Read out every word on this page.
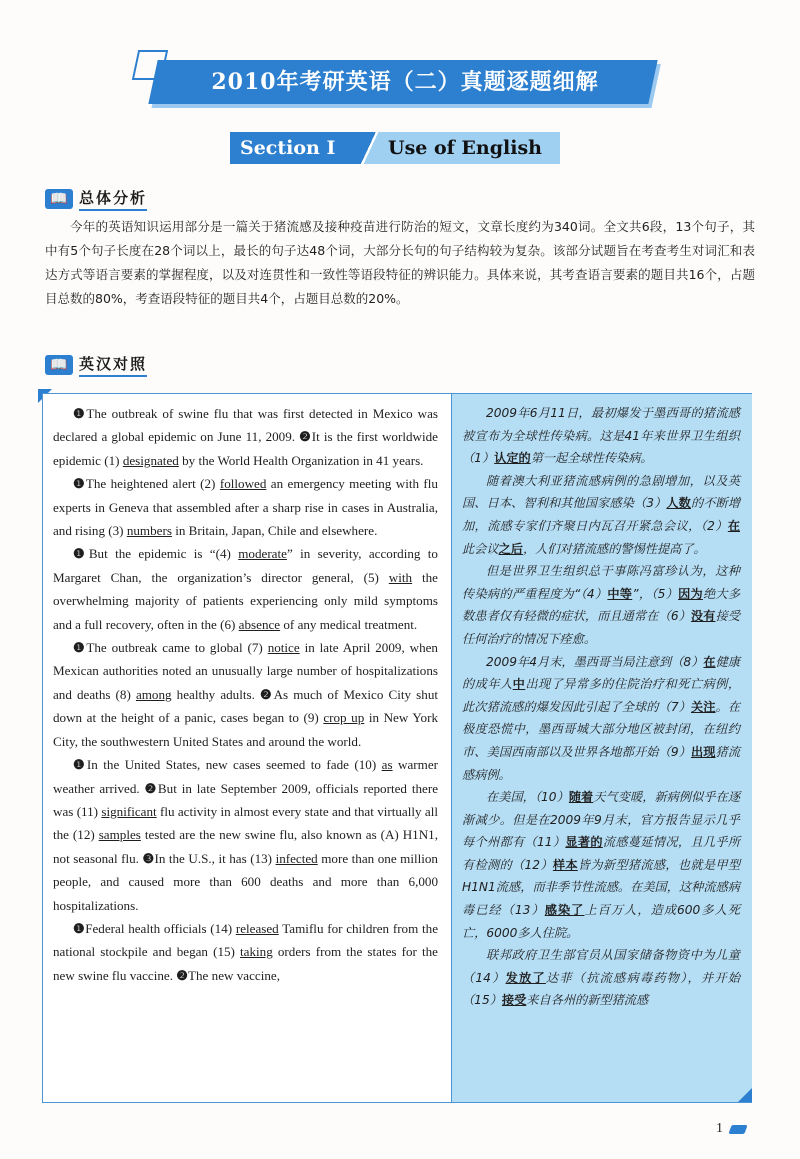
2010年考研英语（二）真题逐题细解
Section Ⅰ	Use of English
📖 总体分析
今年的英语知识运用部分是一篇关于猪流感及接种疫苗进行防治的短文，文章长度约为340词。全文共6段，13个句子，其中有5个句子长度在28个词以上，最长的句子达48个词，大部分长句的句子结构较为复杂。该部分试题旨在考查考生对词汇和表达方式等语言要素的掌握程度，以及对连贯性和一致性等语段特征的辨识能力。具体来说，其考查语言要素的题目共16个，占题目总数的80%，考查语段特征的题目共4个，占题目总数的20%。
📖 英汉对照

❶The outbreak of swine flu that was first detected in Mexico was declared a global epidemic on June 11, 2009. ❷It is the first worldwide epidemic (1) designated by the World Health Organization in 41 years.

❶The heightened alert (2) followed an emergency meeting with flu experts in Geneva that assembled after a sharp rise in cases in Australia, and rising (3) numbers in Britain, Japan, Chile and elsewhere.

❶But the epidemic is “(4) moderate” in severity, according to Margaret Chan, the organization’s director general, (5) with the overwhelming majority of patients experiencing only mild symptoms and a full recovery, often in the (6) absence of any medical treatment.

❶The outbreak came to global (7) notice in late April 2009, when Mexican authorities noted an unusually large number of hospitalizations and deaths (8) among healthy adults. ❷As much of Mexico City shut down at the height of a panic, cases began to (9) crop up in New York City, the southwestern United States and around the world.

❶In the United States, new cases seemed to fade (10) as warmer weather arrived. ❷But in late September 2009, officials reported there was (11) significant flu activity in almost every state and that virtually all the (12) samples tested are the new swine flu, also known as (A) H1N1, not seasonal flu. ❸In the U.S., it has (13) infected more than one million people, and caused more than 600 deaths and more than 6,000 hospitalizations.

❶Federal health officials (14) released Tamiflu for children from the national stockpile and began (15) taking orders from the states for the new swine flu vaccine. ❷The new vaccine,

2009年6月11日，最初爆发于墨西哥的猪流感被宣布为全球性传染病。这是41年来世界卫生组织（1）认定的第一起全球性传染病。

随着澳大利亚猪流感病例的急剧增加，以及英国、日本、智利和其他国家感染（3）人数的不断增加，流感专家们齐聚日内瓦召开紧急会议，（2）在此会议之后，人们对猪流感的警惕性提高了。

但是世界卫生组织总干事陈冯富珍认为，这种传染病的严重程度为“（4）中等”，（5）因为绝大多数患者仅有轻微的症状，而且通常在（6）没有接受任何治疗的情况下痊愈。

2009年4月末，墨西哥当局注意到（8）在健康的成年人中出现了异常多的住院治疗和死亡病例，此次猪流感的爆发因此引起了全球的（7）关注。在极度恐慌中，墨西哥城大部分地区被封闭，在纽约市、美国西南部以及世界各地都开始（9）出现猪流感病例。

在美国，（10）随着天气变暖，新病例似乎在逐渐减少。但是在2009年9月末，官方报告显示几乎每个州都有（11）显著的流感蔓延情况，且几乎所有检测的（12）样本皆为新型猪流感，也就是甲型H1N1流感，而非季节性流感。在美国，这种流感病毒已经（13）感染了上百万人，造成600多人死亡，6000多人住院。

联邦政府卫生部官员从国家储备物资中为儿童（14）发放了达菲（抗流感病毒药物），并开始（15）接受来自各州的新型猪流感

1
